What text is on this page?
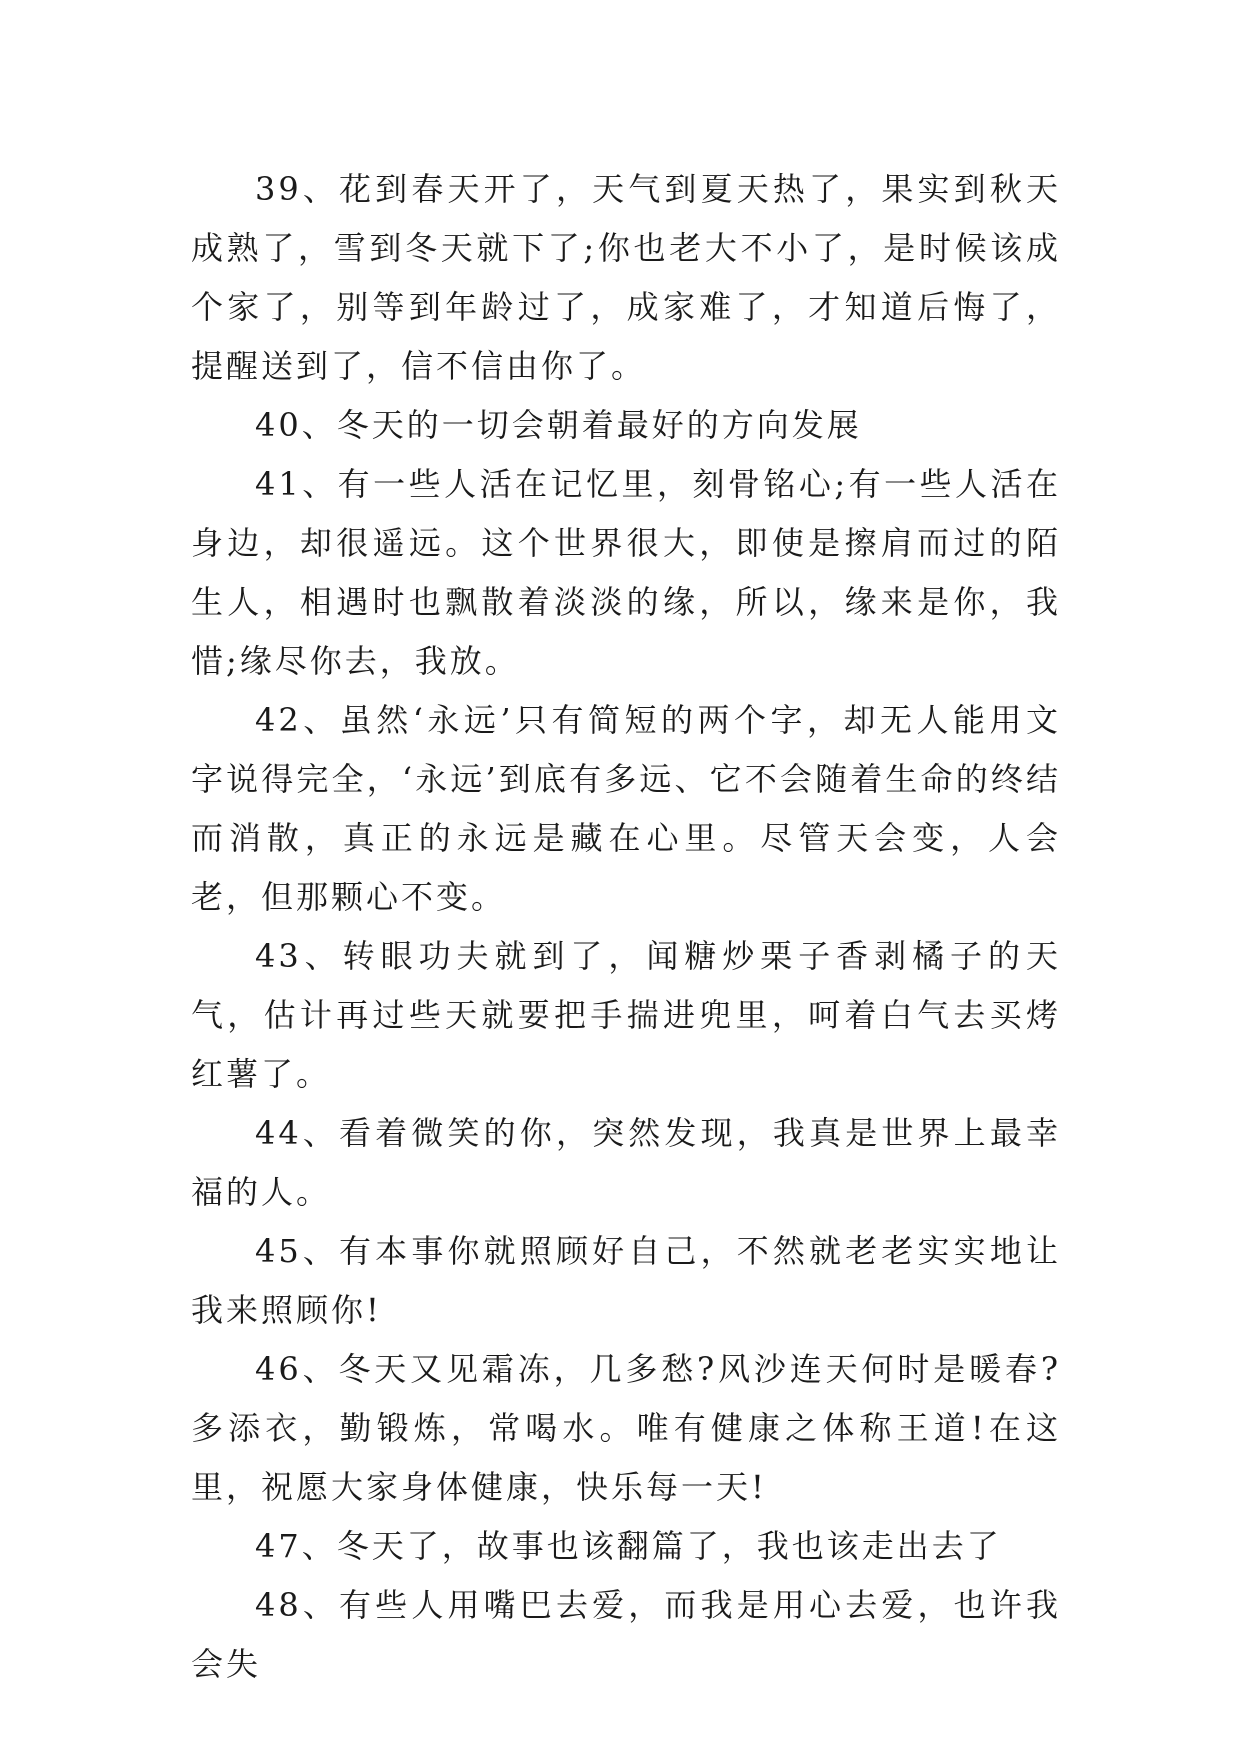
39、花到春天开了，天气到夏天热了，果实到秋天成熟了，雪到冬天就下了;你也老大不小了，是时候该成个家了，别等到年龄过了，成家难了，才知道后悔了，提醒送到了，信不信由你了。

40、冬天的一切会朝着最好的方向发展

41、有一些人活在记忆里，刻骨铭心;有一些人活在身边，却很遥远。这个世界很大，即使是擦肩而过的陌生人，相遇时也飘散着淡淡的缘，所以，缘来是你，我惜;缘尽你去，我放。

42、虽然‘永远’只有简短的两个字，却无人能用文字说得完全，‘永远’到底有多远、它不会随着生命的终结而消散，真正的永远是藏在心里。尽管天会变，人会老，但那颗心不变。

43、转眼功夫就到了，闻糖炒栗子香剥橘子的天气，估计再过些天就要把手揣进兜里，呵着白气去买烤红薯了。

44、看着微笑的你，突然发现，我真是世界上最幸福的人。

45、有本事你就照顾好自己，不然就老老实实地让我来照顾你!

46、冬天又见霜冻，几多愁?风沙连天何时是暖春?多添衣，勤锻炼，常喝水。唯有健康之体称王道!在这里，祝愿大家身体健康，快乐每一天!

47、冬天了，故事也该翻篇了，我也该走出去了

48、有些人用嘴巴去爱，而我是用心去爱，也许我会失
